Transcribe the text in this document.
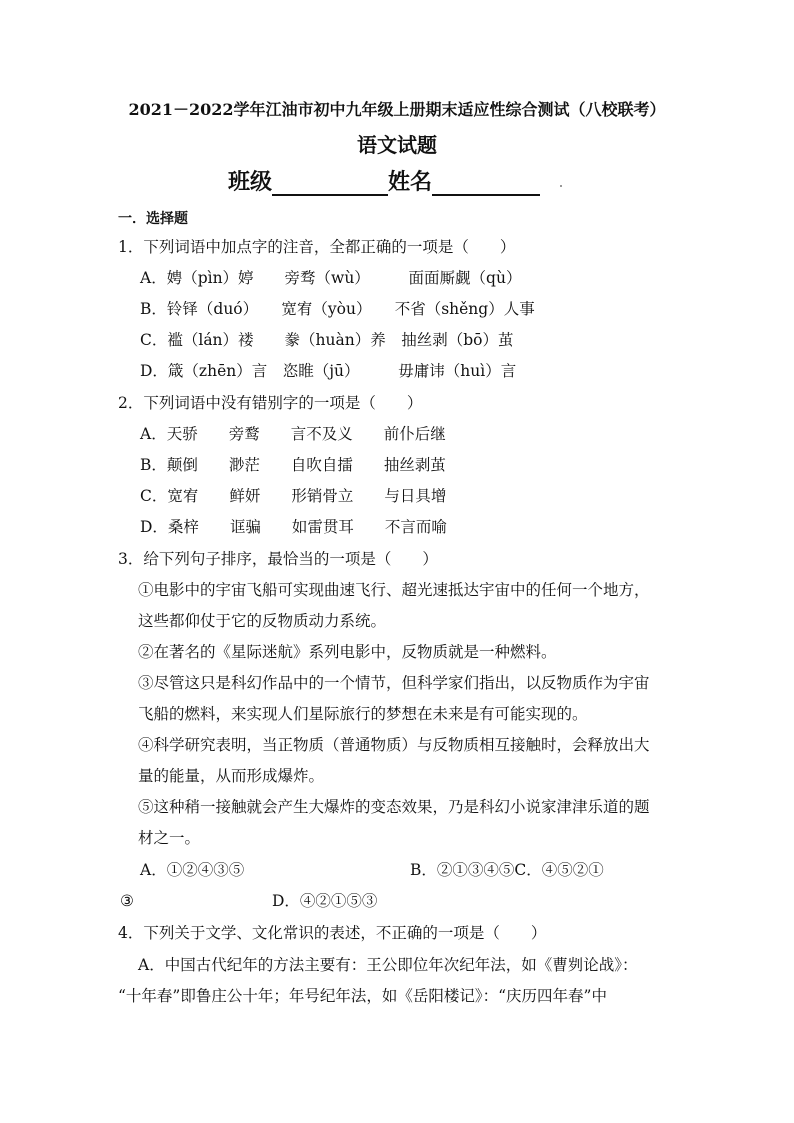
2021－2022学年江油市初中九年级上册期末适应性综合测试（八校联考）
语文试题
班级	姓名
一．选择题
1．下列词语中加点字的注音，全都正确的一项是（　　）
A．娉（pìn）婷　　旁骛（wù）　　　面面厮觑（qù）
B．铃铎（duó）　　宽宥（yòu）　　不省（shěng）人事
C．褴（lán）褛　　豢（huàn）养　抽丝剥（bō）茧
D．箴（zhēn）言　恣睢（jū）　　　毋庸讳（huì）言
2．下列词语中没有错别字的一项是（　　）
A．天骄　　旁鹜　　言不及义　　前仆后继
B．颠倒　　渺茫　　自吹自擂　　抽丝剥茧
C．宽宥　　鲜妍　　形销骨立　　与日具增
D．桑梓　　诓骗　　如雷贯耳　　不言而喻
3．给下列句子排序，最恰当的一项是（　　）
①电影中的宇宙飞船可实现曲速飞行、超光速抵达宇宙中的任何一个地方，
这些都仰仗于它的反物质动力系统。
②在著名的《星际迷航》系列电影中，反物质就是一种燃料。
③尽管这只是科幻作品中的一个情节，但科学家们指出，以反物质作为宇宙
飞船的燃料，来实现人们星际旅行的梦想在未来是有可能实现的。
④科学研究表明，当正物质（普通物质）与反物质相互接触时，会释放出大
量的能量，从而形成爆炸。
⑤这种稍一接触就会产生大爆炸的变态效果，乃是科幻小说家津津乐道的题
材之一。
A．①②④③⑤	B．②①③④⑤C．④⑤②①
③	D．④②①⑤③
4．下列关于文学、文化常识的表述，不正确的一项是（　　）
A．中国古代纪年的方法主要有：王公即位年次纪年法，如《曹刿论战》：
“十年春”即鲁庄公十年；年号纪年法，如《岳阳楼记》：“庆历四年春”中
